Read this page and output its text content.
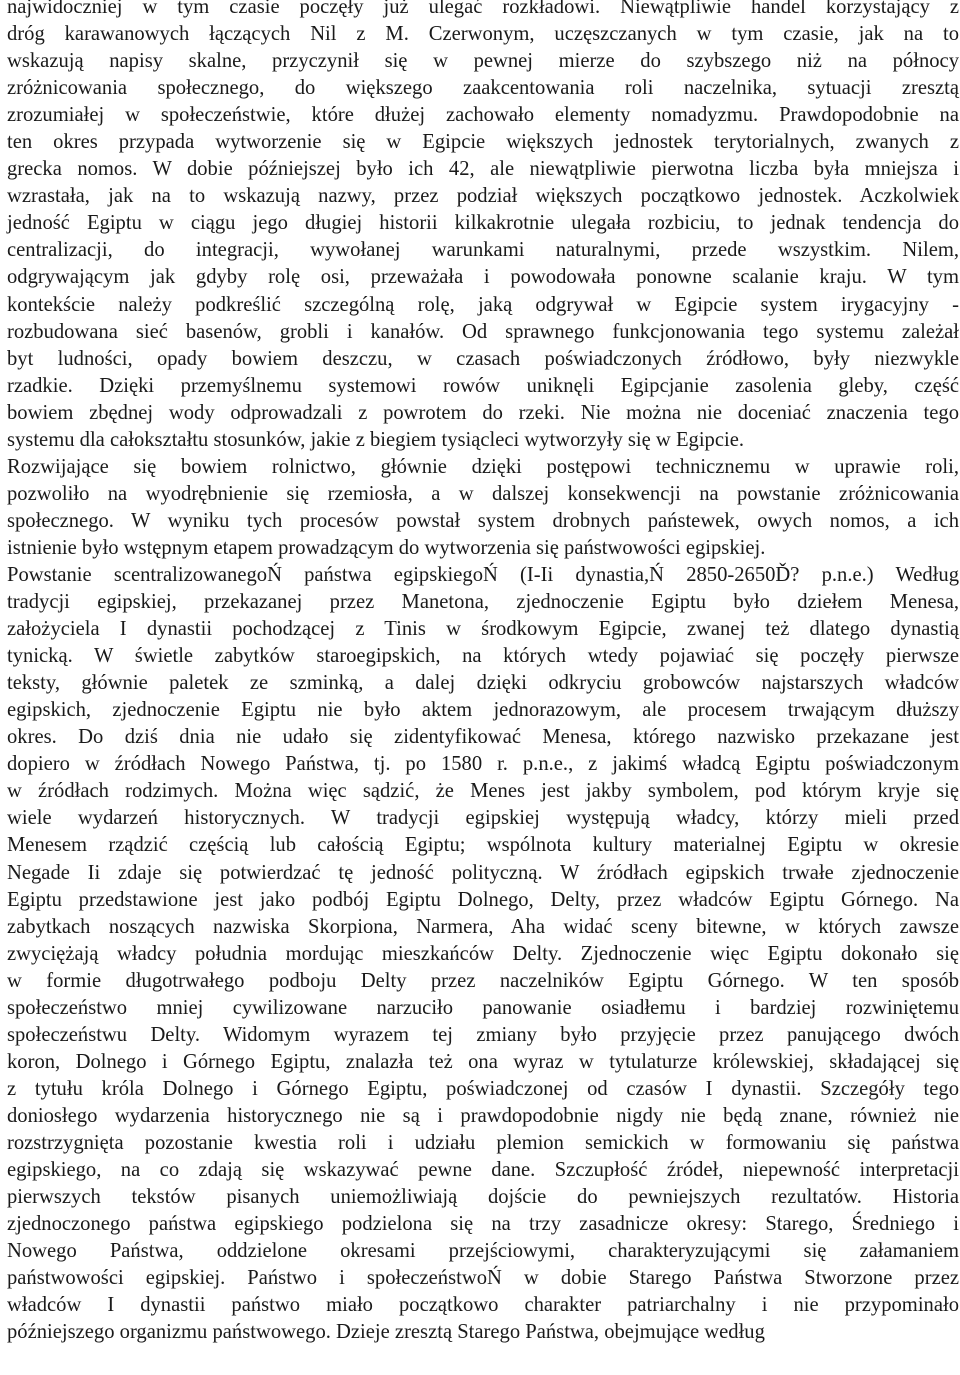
najwidoczniej w tym czasie poczęły już ulegać rozkładowi. Niewątpliwie handel korzystający z
dróg karawanowych łączących Nil z M. Czerwonym, uczęszczanych w tym czasie, jak na to
wskazują napisy skalne, przyczynił się w pewnej mierze do szybszego niż na północy
zróżnicowania społecznego, do większego zaakcentowania roli naczelnika, sytuacji zresztą
zrozumiałej w społeczeństwie, które dłużej zachowało elementy nomadyzmu. Prawdopodobnie na
ten okres przypada wytworzenie się w Egipcie większych jednostek terytorialnych, zwanych z
grecka nomos. W dobie późniejszej było ich 42, ale niewątpliwie pierwotna liczba była mniejsza i
wzrastała, jak na to wskazują nazwy, przez podział większych początkowo jednostek. Aczkolwiek
jedność Egiptu w ciągu jego długiej historii kilkakrotnie ulegała rozbiciu, to jednak tendencja do
centralizacji, do integracji, wywołanej warunkami naturalnymi, przede wszystkim. Nilem,
odgrywającym jak gdyby rolę osi, przeważała i powodowała ponowne scalanie kraju. W tym
kontekście należy podkreślić szczególną rolę, jaką odgrywał w Egipcie system irygacyjny -
rozbudowana sieć basenów, grobli i kanałów. Od sprawnego funkcjonowania tego systemu zależał
byt ludności, opady bowiem deszczu, w czasach poświadczonych źródłowo, były niezwykle
rzadkie. Dzięki przemyślnemu systemowi rowów uniknęli Egipcjanie zasolenia gleby, część
bowiem zbędnej wody odprowadzali z powrotem do rzeki. Nie można nie doceniać znaczenia tego
systemu dla całokształtu stosunków, jakie z biegiem tysiącleci wytworzyły się w Egipcie.
Rozwijające się bowiem rolnictwo, głównie dzięki postępowi technicznemu w uprawie roli,
pozwoliło na wyodrębnienie się rzemiosła, a w dalszej konsekwencji na powstanie zróżnicowania
społecznego. W wyniku tych procesów powstał system drobnych państewek, owych nomos, a ich
istnienie było wstępnym etapem prowadzącym do wytworzenia się państwowości egipskiej.
Powstanie scentralizowanegoŃ państwa egipskiegoŃ (I-Ii dynastia,Ń 2850-2650Ď? p.n.e.) Według
tradycji egipskiej, przekazanej przez Manetona, zjednoczenie Egiptu było dziełem Menesa,
założyciela I dynastii pochodzącej z Tinis w środkowym Egipcie, zwanej też dlatego dynastią
tynicką. W świetle zabytków staroegipskich, na których wtedy pojawiać się poczęły pierwsze
teksty, głównie paletek ze szminką, a dalej dzięki odkryciu grobowców najstarszych władców
egipskich, zjednoczenie Egiptu nie było aktem jednorazowym, ale procesem trwającym dłuższy
okres. Do dziś dnia nie udało się zidentyfikować Menesa, którego nazwisko przekazane jest
dopiero w źródłach Nowego Państwa, tj. po 1580 r. p.n.e., z jakimś władcą Egiptu poświadczonym
w źródłach rodzimych. Można więc sądzić, że Menes jest jakby symbolem, pod którym kryje się
wiele wydarzeń historycznych. W tradycji egipskiej występują władcy, którzy mieli przed
Menesem rządzić częścią lub całością Egiptu; wspólnota kultury materialnej Egiptu w okresie
Negade Ii zdaje się potwierdzać tę jedność polityczną. W źródłach egipskich trwałe zjednoczenie
Egiptu przedstawione jest jako podbój Egiptu Dolnego, Delty, przez władców Egiptu Górnego. Na
zabytkach noszących nazwiska Skorpiona, Narmera, Aha widać sceny bitewne, w których zawsze
zwyciężają władcy południa mordując mieszkańców Delty. Zjednoczenie więc Egiptu dokonało się
w formie długotrwałego podboju Delty przez naczelników Egiptu Górnego. W ten sposób
społeczeństwo mniej cywilizowane narzuciło panowanie osiadłemu i bardziej rozwiniętemu
społeczeństwu Delty. Widomym wyrazem tej zmiany było przyjęcie przez panującego dwóch
koron, Dolnego i Górnego Egiptu, znalazła też ona wyraz w tytulaturze królewskiej, składającej się
z tytułu króla Dolnego i Górnego Egiptu, poświadczonej od czasów I dynastii. Szczegóły tego
doniosłego wydarzenia historycznego nie są i prawdopodobnie nigdy nie będą znane, również nie
rozstrzygnięta pozostanie kwestia roli i udziału plemion semickich w formowaniu się państwa
egipskiego, na co zdają się wskazywać pewne dane. Szczupłość źródeł, niepewność interpretacji
pierwszych tekstów pisanych uniemożliwiają dojście do pewniejszych rezultatów. Historia
zjednoczonego państwa egipskiego podzielona się na trzy zasadnicze okresy: Starego, Średniego i
Nowego Państwa, oddzielone okresami przejściowymi, charakteryzującymi się załamaniem
państwowości egipskiej. Państwo i społeczeństwoŃ w dobie Starego Państwa Stworzone przez
władców I dynastii państwo miało początkowo charakter patriarchalny i nie przypominało
późniejszego organizmu państwowego. Dzieje zresztą Starego Państwa, obejmujące według
